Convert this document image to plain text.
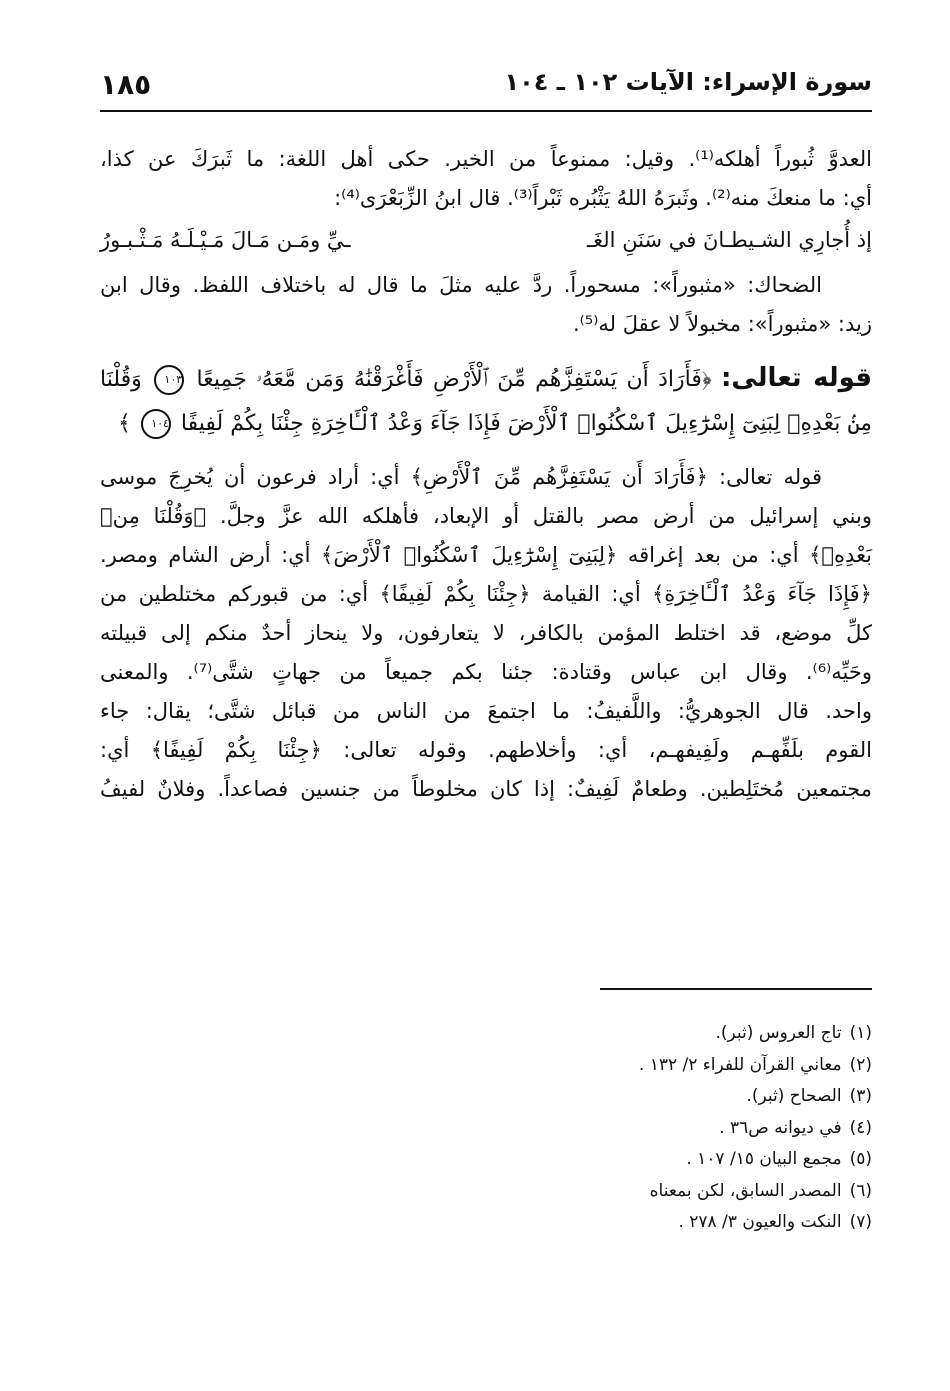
سورة الإسراء: الآيات ١٠٢ ـ ١٠٤
١٨٥

العدوَّ ثُبوراً أهلكه⁽¹⁾. وقيل: ممنوعاً من الخير. حكى أهل اللغة: ما ثَبرَكَ عن كذا،
أي: ما منعكَ منه⁽²⁾. وثَبرَهُ اللهُ يَثْبُره ثَبْراً⁽³⁾. قال ابنُ الزِّبَعْرَى⁽⁴⁾:

إذ أُجارِي الشـيطـانَ في سَنَنِ الغَـ
ـيِّ ومَـن مَـالَ مَـيْـلَـهُ مَـثْـبـورُ

الضحاك: «مثبوراً»: مسحوراً. ردَّ عليه مثلَ ما قال له باختلاف اللفظ. وقال ابن
زيد: «مثبوراً»: مخبولاً لا عقلَ له⁽⁵⁾.

قوله تعالى: ﴿فَأَرَادَ أَن يَسْتَفِزَّهُم مِّنَ ٱلْأَرْضِ فَأَغْرَقْنَٰهُ وَمَن مَّعَهُۥ جَمِيعًا ١٠٣ وَقُلْنَا
مِنۢ بَعْدِهِۦ لِبَنِىٓ إِسْرَٰٓءِيلَ ٱسْكُنُوا۟ ٱلْأَرْضَ فَإِذَا جَآءَ وَعْدُ ٱلْـَٔاخِرَةِ جِئْنَا بِكُمْ لَفِيفًا ١٠٤ ﴾

قوله تعالى: ﴿فَأَرَادَ أَن يَسْتَفِزَّهُم مِّنَ ٱلْأَرْضِ﴾ أي: أراد فرعون أن يُخرِجَ موسى
وبني إسرائيل من أرض مصر بالقتل أو الإبعاد، فأهلكه الله عزَّ وجلَّ. ﴿وَقُلْنَا مِنۢ
بَعْدِهِۦ﴾ أي: من بعد إغراقه ﴿لِبَنِىٓ إِسْرَٰٓءِيلَ ٱسْكُنُوا۟ ٱلْأَرْضَ﴾ أي: أرض الشام ومصر.
﴿فَإِذَا جَآءَ وَعْدُ ٱلْـَٔاخِرَةِ﴾ أي: القيامة ﴿جِئْنَا بِكُمْ لَفِيفًا﴾ أي: من قبوركم مختلطين من
كلِّ موضع، قد اختلط المؤمن بالكافر، لا يتعارفون، ولا ينحاز أحدٌ منكم إلى قبيلته
وحَيِّه⁽⁶⁾. وقال ابن عباس وقتادة: جئنا بكم جميعاً من جهاتٍ شتَّى⁽⁷⁾. والمعنى
واحد. قال الجوهريُّ: واللَّفيفُ: ما اجتمعَ من الناس من قبائل شتَّى؛ يقال: جاء
القوم بلَفِّهـم ولَفِيفهـم، أي: وأخلاطهم. وقوله تعالى: ﴿جِئْنَا بِكُمْ لَفِيفًا﴾ أي:
مجتمعين مُختَلِطين. وطعامٌ لَفِيفٌ: إذا كان مخلوطاً من جنسين فصاعداً. وفلانٌ لفيفُ

(١)تاج العروس (ثبر).
(٢)معاني القرآن للفراء ٢/ ١٣٢ .
(٣)الصحاح (ثبر).
(٤)في ديوانه ص٣٦ .
(٥)مجمع البيان ١٥/ ١٠٧ .
(٦)المصدر السابق، لكن بمعناه
(٧)النكت والعيون ٣/ ٢٧٨ .
